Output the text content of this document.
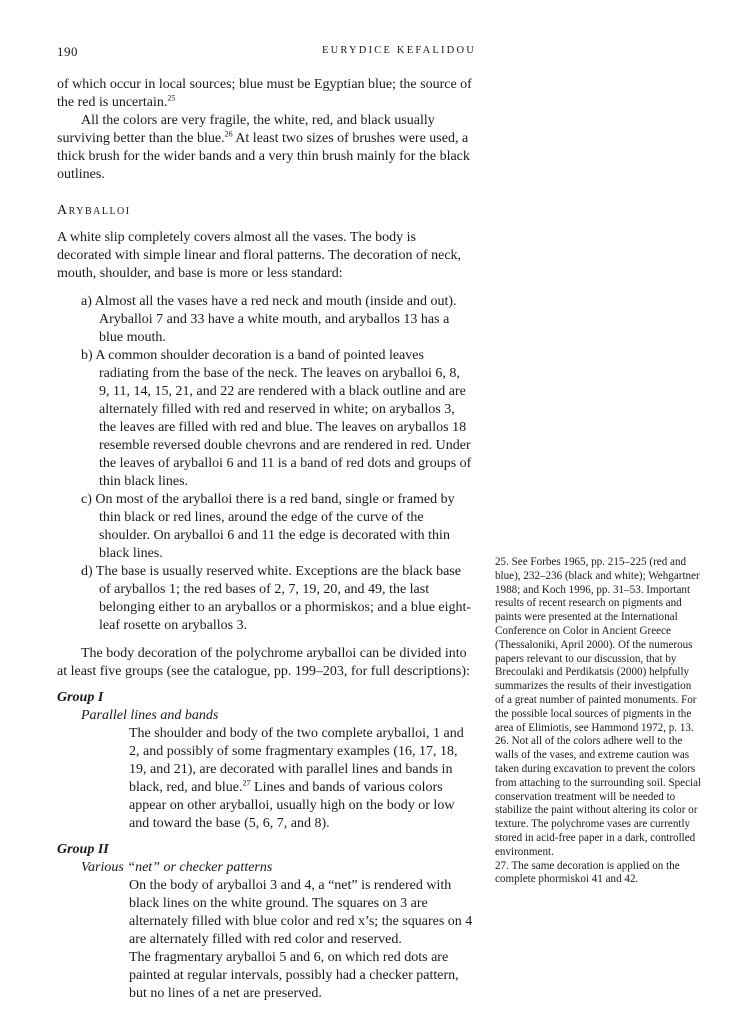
190	EURYDICE KEFALIDOU

of which occur in local sources; blue must be Egyptian blue; the source of the red is uncertain.$^{25}$

All the colors are very fragile, the white, red, and black usually surviving better than the blue.$^{26}$ At least two sizes of brushes were used, a thick brush for the wider bands and a very thin brush mainly for the black outlines.

Aryballoi

A white slip completely covers almost all the vases. The body is decorated with simple linear and floral patterns. The decoration of neck, mouth, shoulder, and base is more or less standard:

a) Almost all the vases have a red neck and mouth (inside and out). Aryballoi 7 and 33 have a white mouth, and aryballos 13 has a blue mouth.
b) A common shoulder decoration is a band of pointed leaves radiating from the base of the neck. The leaves on aryballoi 6, 8, 9, 11, 14, 15, 21, and 22 are rendered with a black outline and are alternately filled with red and reserved in white; on aryballos 3, the leaves are filled with red and blue. The leaves on aryballos 18 resemble reversed double chevrons and are rendered in red. Under the leaves of aryballoi 6 and 11 is a band of red dots and groups of thin black lines.
c) On most of the aryballoi there is a red band, single or framed by thin black or red lines, around the edge of the curve of the shoulder. On aryballoi 6 and 11 the edge is decorated with thin black lines.
d) The base is usually reserved white. Exceptions are the black base of aryballos 1; the red bases of 2, 7, 19, 20, and 49, the last belonging either to an aryballos or a phormiskos; and a blue eight-leaf rosette on aryballos 3.

The body decoration of the polychrome aryballoi can be divided into at least five groups (see the catalogue, pp. 199–203, for full descriptions):

Group I

Parallel lines and bands

The shoulder and body of the two complete aryballoi, 1 and 2, and possibly of some fragmentary examples (16, 17, 18, 19, and 21), are decorated with parallel lines and bands in black, red, and blue.$^{27}$ Lines and bands of various colors appear on other aryballoi, usually high on the body or low and toward the base (5, 6, 7, and 8).

Group II

Various “net” or checker patterns

On the body of aryballoi 3 and 4, a “net” is rendered with black lines on the white ground. The squares on 3 are alternately filled with blue color and red x’s; the squares on 4 are alternately filled with red color and reserved.

The fragmentary aryballoi 5 and 6, on which red dots are painted at regular intervals, possibly had a checker pattern, but no lines of a net are preserved.

25. See Forbes 1965, pp. 215–225 (red and blue), 232–236 (black and white); Wehgartner 1988; and Koch 1996, pp. 31–53. Important results of recent research on pigments and paints were presented at the International Conference on Color in Ancient Greece (Thessaloniki, April 2000). Of the numerous papers relevant to our discussion, that by Brecoulaki and Perdikatsis (2000) helpfully summarizes the results of their investigation of a great number of painted monuments. For the possible local sources of pigments in the area of Elimiotis, see Hammond 1972, p. 13.

26. Not all of the colors adhere well to the walls of the vases, and extreme caution was taken during excavation to prevent the colors from attaching to the surrounding soil. Special conservation treatment will be needed to stabilize the paint without altering its color or texture. The polychrome vases are currently stored in acid-free paper in a dark, controlled environment.

27. The same decoration is applied on the complete phormiskoi 41 and 42.
